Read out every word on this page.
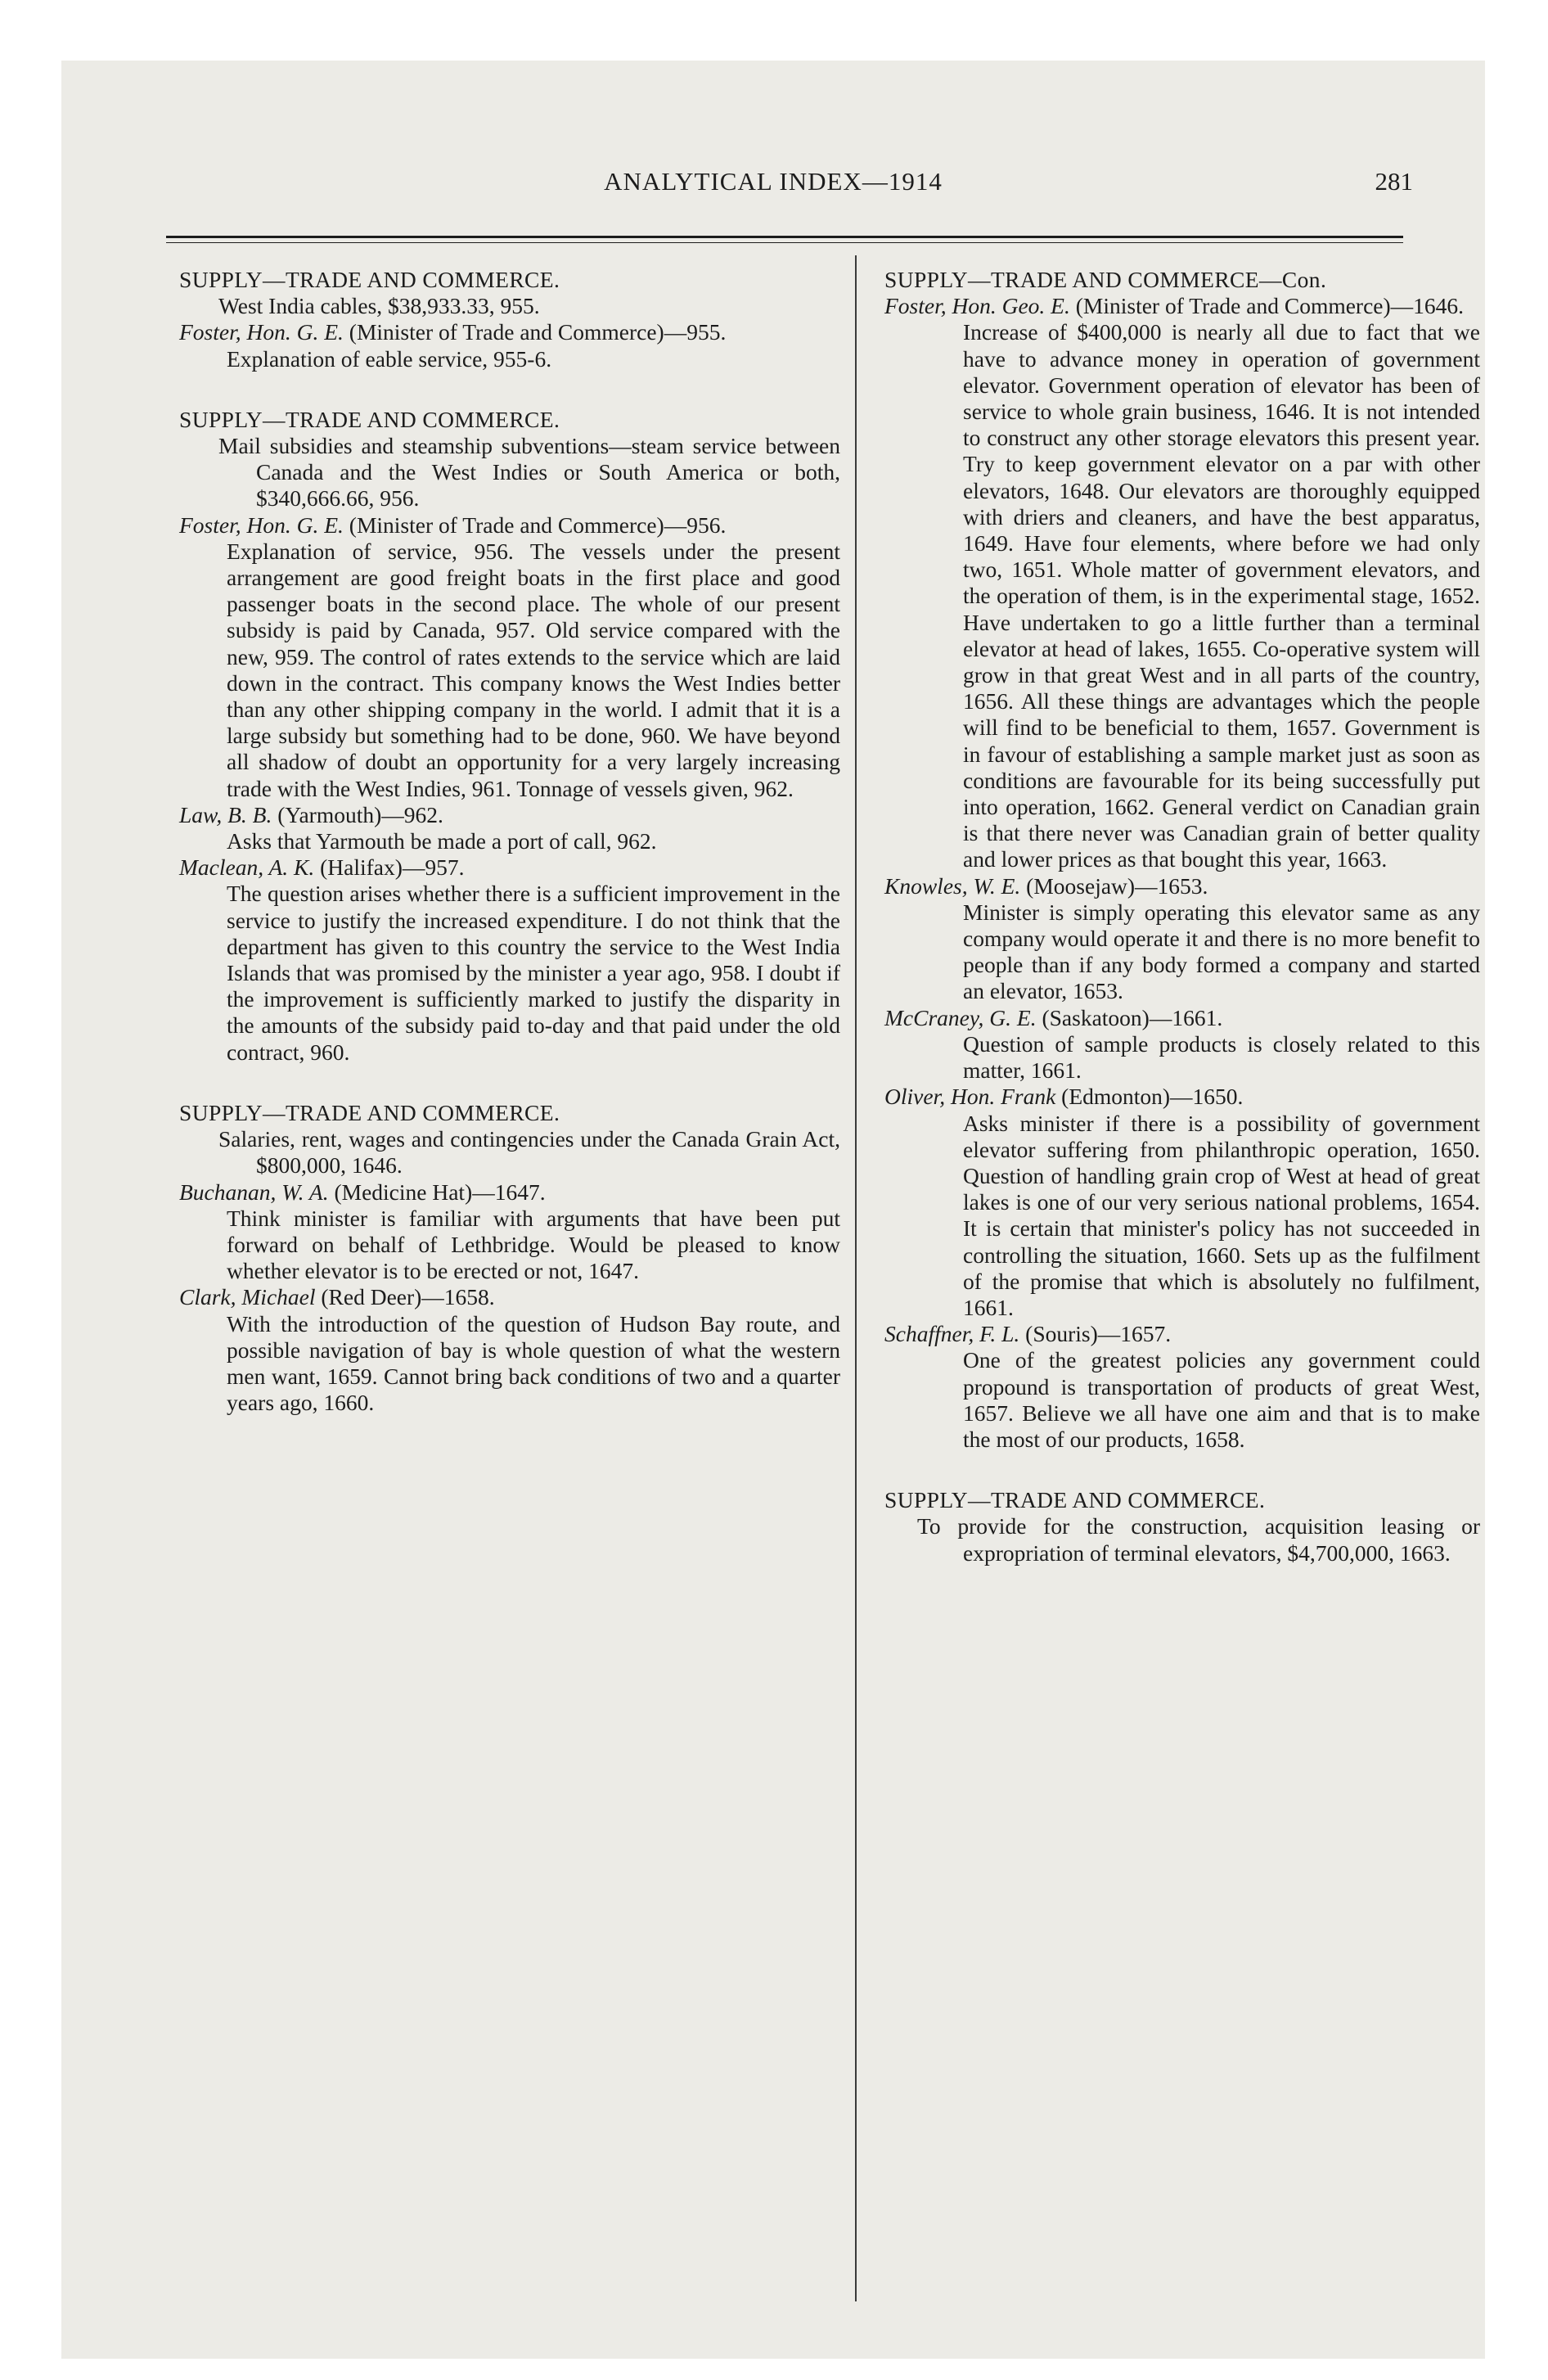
ANALYTICAL INDEX—1914	281

SUPPLY—TRADE AND COMMERCE.

West India cables, $38,933.33, 955.

Foster, Hon. G. E. (Minister of Trade and Commerce)—955.

Explanation of eable service, 955-6.

SUPPLY—TRADE AND COMMERCE.

Mail subsidies and steamship subventions—steam service between Canada and the West Indies or South America or both, $340,666.66, 956.

Foster, Hon. G. E. (Minister of Trade and Commerce)—956.

Explanation of service, 956. The vessels under the present arrangement are good freight boats in the first place and good passenger boats in the second place. The whole of our present subsidy is paid by Canada, 957. Old service compared with the new, 959. The control of rates extends to the service which are laid down in the contract. This company knows the West Indies better than any other shipping company in the world. I admit that it is a large subsidy but something had to be done, 960. We have beyond all shadow of doubt an opportunity for a very largely increasing trade with the West Indies, 961. Tonnage of vessels given, 962.

Law, B. B. (Yarmouth)—962.

Asks that Yarmouth be made a port of call, 962.

Maclean, A. K. (Halifax)—957.

The question arises whether there is a sufficient improvement in the service to justify the increased expenditure. I do not think that the department has given to this country the service to the West India Islands that was promised by the minister a year ago, 958. I doubt if the improvement is sufficiently marked to justify the disparity in the amounts of the subsidy paid to-day and that paid under the old contract, 960.

SUPPLY—TRADE AND COMMERCE.

Salaries, rent, wages and contingencies under the Canada Grain Act, $800,000, 1646.

Buchanan, W. A. (Medicine Hat)—1647.

Think minister is familiar with arguments that have been put forward on behalf of Lethbridge. Would be pleased to know whether elevator is to be erected or not, 1647.

Clark, Michael (Red Deer)—1658.

With the introduction of the question of Hudson Bay route, and possible navigation of bay is whole question of what the western men want, 1659. Cannot bring back conditions of two and a quarter years ago, 1660.

SUPPLY—TRADE AND COMMERCE—Con.

Foster, Hon. Geo. E. (Minister of Trade and Commerce)—1646.

Increase of $400,000 is nearly all due to fact that we have to advance money in operation of government elevator. Government operation of elevator has been of service to whole grain business, 1646. It is not intended to construct any other storage elevators this present year. Try to keep government elevator on a par with other elevators, 1648. Our elevators are thoroughly equipped with driers and cleaners, and have the best apparatus, 1649. Have four elements, where before we had only two, 1651. Whole matter of government elevators, and the operation of them, is in the experimental stage, 1652. Have undertaken to go a little further than a terminal elevator at head of lakes, 1655. Co-operative system will grow in that great West and in all parts of the country, 1656. All these things are advantages which the people will find to be beneficial to them, 1657. Government is in favour of establishing a sample market just as soon as conditions are favourable for its being successfully put into operation, 1662. General verdict on Canadian grain is that there never was Canadian grain of better quality and lower prices as that bought this year, 1663.

Knowles, W. E. (Moosejaw)—1653.

Minister is simply operating this elevator same as any company would operate it and there is no more benefit to people than if any body formed a company and started an elevator, 1653.

McCraney, G. E. (Saskatoon)—1661.

Question of sample products is closely related to this matter, 1661.

Oliver, Hon. Frank (Edmonton)—1650.

Asks minister if there is a possibility of government elevator suffering from philanthropic operation, 1650. Question of handling grain crop of West at head of great lakes is one of our very serious national problems, 1654. It is certain that minister's policy has not succeeded in controlling the situation, 1660. Sets up as the fulfilment of the promise that which is absolutely no fulfilment, 1661.

Schaffner, F. L. (Souris)—1657.

One of the greatest policies any government could propound is transportation of products of great West, 1657. Believe we all have one aim and that is to make the most of our products, 1658.

SUPPLY—TRADE AND COMMERCE.

To provide for the construction, acquisition leasing or expropriation of terminal elevators, $4,700,000, 1663.
